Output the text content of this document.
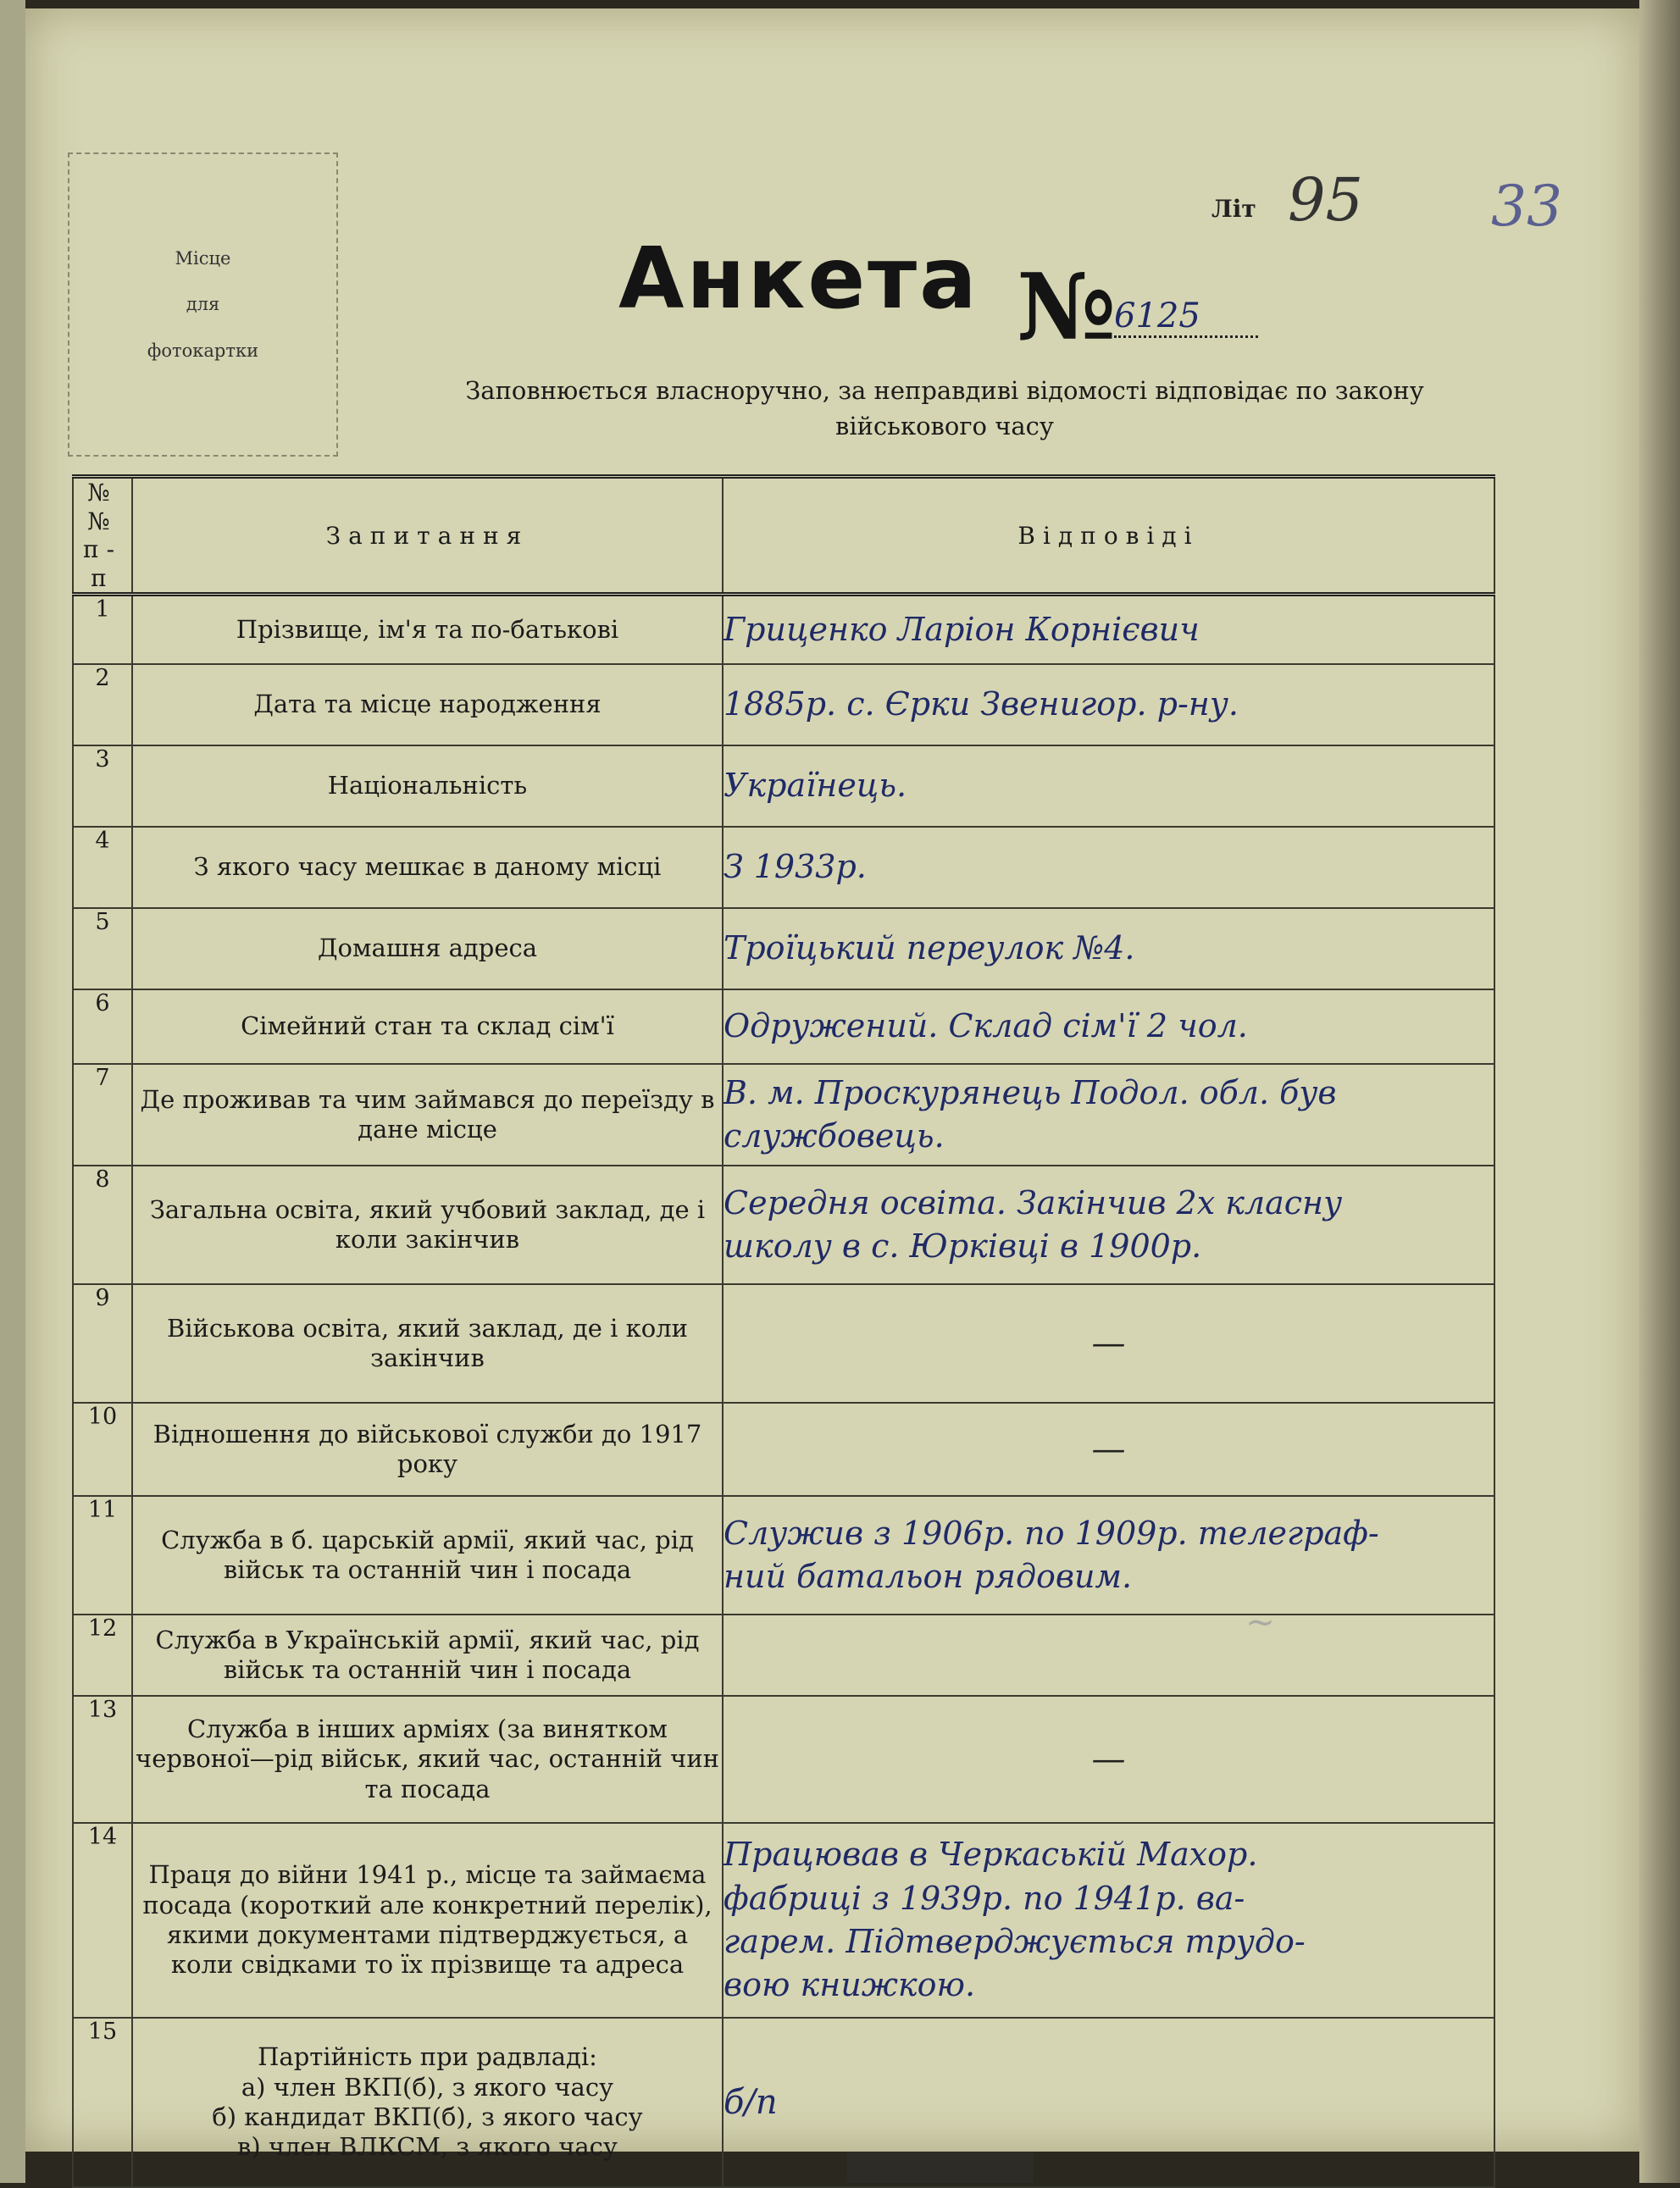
Місце
для
фотокартки
Літ 95 33
Анкета №
6125
Заповнюється власноручно, за неправдиві відомості відповідає по закону військового часу
№№ п-п	Запитання	Відповіді
1	Прізвище, ім'я та по-батькові	Гриценко Ларіон Корнієвич

2	Дата та місце народження	1885р. с. Єрки Звенигор. р-ну.

3	Національність	Українець.

4	З якого часу мешкає в даному місці	З 1933р.

5	Домашня адреса	Троїцький переулок №4.

6	Сімейний стан та склад сім'ї	Одружений. Склад сім'ї 2 чол.

7	Де проживав та чим займався до переїзду в дане місце	В. м. Проскурянець Подол. обл. був
службовець.

8	Загальна освіта, який учбовий заклад, де і коли закінчив	Середня освіта. Закінчив 2х класну
школу в с. Юрківці в 1900р.

9	Військова освіта, який заклад, де і коли закінчив	—

10	Відношення до військової служби до 1917 року	—

11	Служба в б. царській армії, який час, рід військ та останній чин і посада	Служив з 1906р. по 1909р. телеграф-
ний батальон рядовим.

12	Служба в Українській армії, який час, рід військ та останній чин і посада	

13	Служба в інших арміях (за винятком червоної—рід військ, який час, останній чин та посада	—

14	Праця до війни 1941 р., місце та займаєма посада (короткий але конкретний перелік), якими документами підтверджується, а коли свідками то їх прізвище та адреса	Працював в Черкаській Махор.
фабриці з 1939р. по 1941р. ва-
гарем. Підтверджується трудо-
вою книжкою.

15	Партійність при радвладі:
а) член ВКП(б), з якого часу
б) кандидат ВКП(б), з якого часу
в) член ВЛКСМ, з якого часу	б/п
~
